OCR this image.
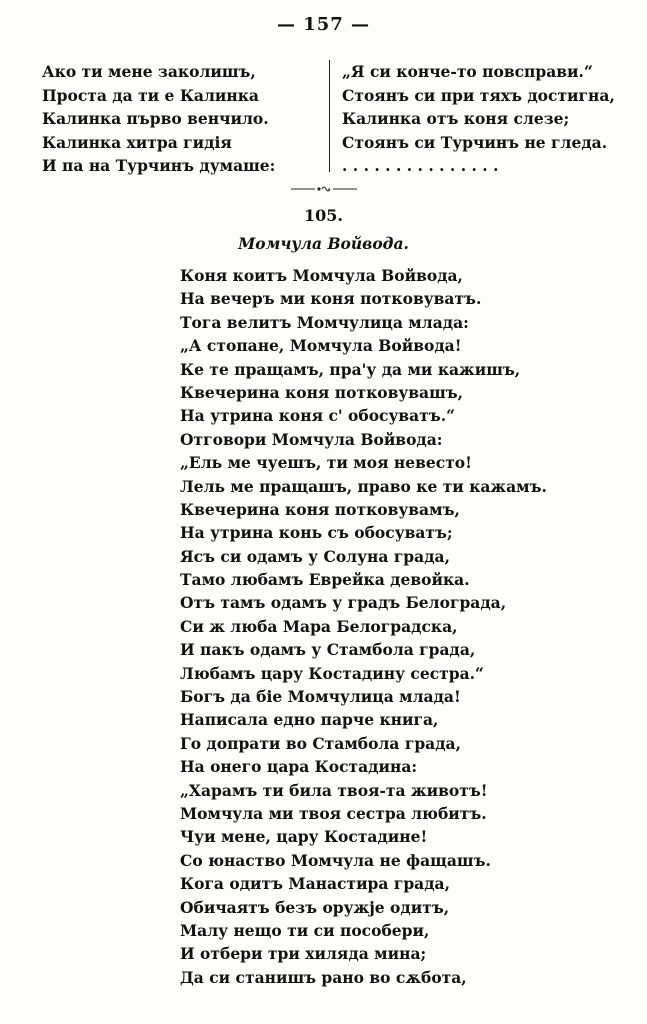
— 157 —
Ако ти мене заколишъ,
Проста да ти е Калинка
Калинка първо венчило.
Калинка хитра гидія
И па на Турчинъ думаше:
„Я си конче-то повсправи.“
Стоянъ си при тяхъ достигна,
Калинка отъ коня слезе;
Стоянъ си Турчинъ не гледа.
. . . . . . . . . . . . . . .
105.
Момчула Войвода.
Коня коитъ Момчула Войвода,
На вечеръ ми коня потковуватъ.
Тога велитъ Момчулица млада:
„А стопане, Момчула Войвода!
Ке те пращамъ, пра'у да ми кажишъ,
Квечерина коня потковувашъ,
На утрина коня с' обосуватъ.“
Отговори Момчула Войвода:
„Ель ме чуешъ, ти моя невесто!
Лель ме пращашъ, право ке ти кажамъ.
Квечерина коня потковувамъ,
На утрина конь съ обосуватъ;
Ясъ си одамъ у Солуна града,
Тамо любамъ Еврейка девойка.
Отъ тамъ одамъ у градъ Белограда,
Си ж люба Мара Белоградска,
И пакъ одамъ у Стамбола града,
Любамъ цару Костадину сестра.“
Богъ да біе Момчулица млада!
Написала едно парче книга,
Го допрати во Стамбола града,
На онего цара Костадина:
„Харамъ ти била твоя-та животъ!
Момчула ми твоя сестра любитъ.
Чуи мене, цару Костадине!
Со юнаство Момчула не фащашъ.
Кога одитъ Манастира града,
Обичаятъ безъ оружје одитъ,
Малу нещо ти си пособери,
И отбери три хиляда мина;
Да си станишъ рано во сѫбота,
